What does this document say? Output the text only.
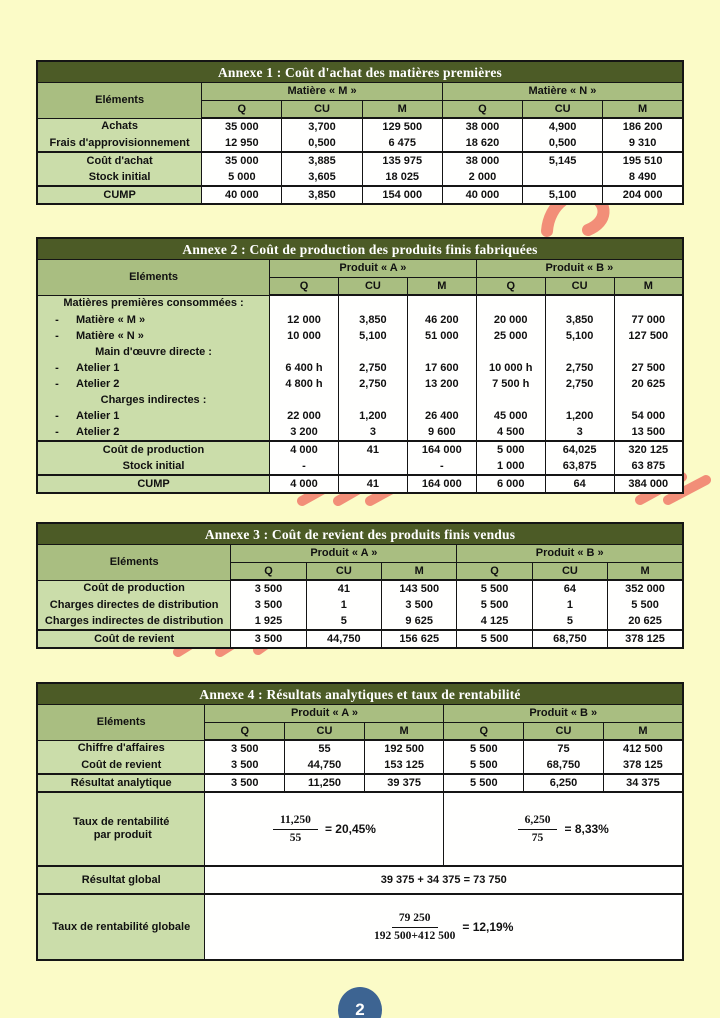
Annexe 1 : Coût d'achat des matières premières						
Eléments	Matière « M »			Matière « N »		
	Q	CU	M	Q	CU	M
Achats	35 000	3,700	129 500	38 000	4,900	186 200
Frais d'approvisionnement	12 950	0,500	6 475	18 620	0,500	9 310
Coût d'achat	35 000	3,885	135 975	38 000	5,145	195 510
Stock initial	5 000	3,605	18 025	2 000		8 490
CUMP	40 000	3,850	154 000	40 000	5,100	204 000
Annexe 2 : Coût de production des produits finis fabriquées						
Eléments	Produit « A »			Produit « B »		
	Q	CU	M	Q	CU	M
Matières premières consommées :						

- Matière « M »	12 000	3,850	46 200	20 000	3,850	77 000

- Matière « N »	10 000	5,100	51 000	25 000	5,100	127 500
Main d'œuvre directe :						

- Atelier 1	6 400 h	2,750	17 600	10 000 h	2,750	27 500

- Atelier 2	4 800 h	2,750	13 200	7 500 h	2,750	20 625
Charges indirectes :						

- Atelier 1	22 000	1,200	26 400	45 000	1,200	54 000

- Atelier 2	3 200	3	9 600	4 500	3	13 500
Coût de production	4 000	41	164 000	5 000	64,025	320 125
Stock initial	-		-	1 000	63,875	63 875
CUMP	4 000	41	164 000	6 000	64	384 000
Annexe 3 : Coût de revient des produits finis vendus						
Eléments	Produit « A »			Produit « B »		
	Q	CU	M	Q	CU	M
Coût de production	3 500	41	143 500	5 500	64	352 000
Charges directes de distribution	3 500	1	3 500	5 500	1	5 500
Charges indirectes de distribution	1 925	5	9 625	4 125	5	20 625
Coût de revient	3 500	44,750	156 625	5 500	68,750	378 125
Annexe 4 : Résultats analytiques et taux de rentabilité						
Eléments	Produit « A »			Produit « B »		
	Q	CU	M	Q	CU	M
Chiffre d'affaires	3 500	55	192 500	5 500	75	412 500
Coût de revient	3 500	44,750	153 125	5 500	68,750	378 125
Résultat analytique	3 500	11,250	39 375	5 500	6,250	34 375
Taux de rentabilité
par produit	$\frac{11,250}{55} = 20,45\%$			$\frac{6,250}{75} = 8,33\%$		

Résultat global	39 375 + 34 375 = 73 750					
Taux de rentabilité globale	$\frac{79 250}{192 500+412 500} = 12,19\%$					
2
